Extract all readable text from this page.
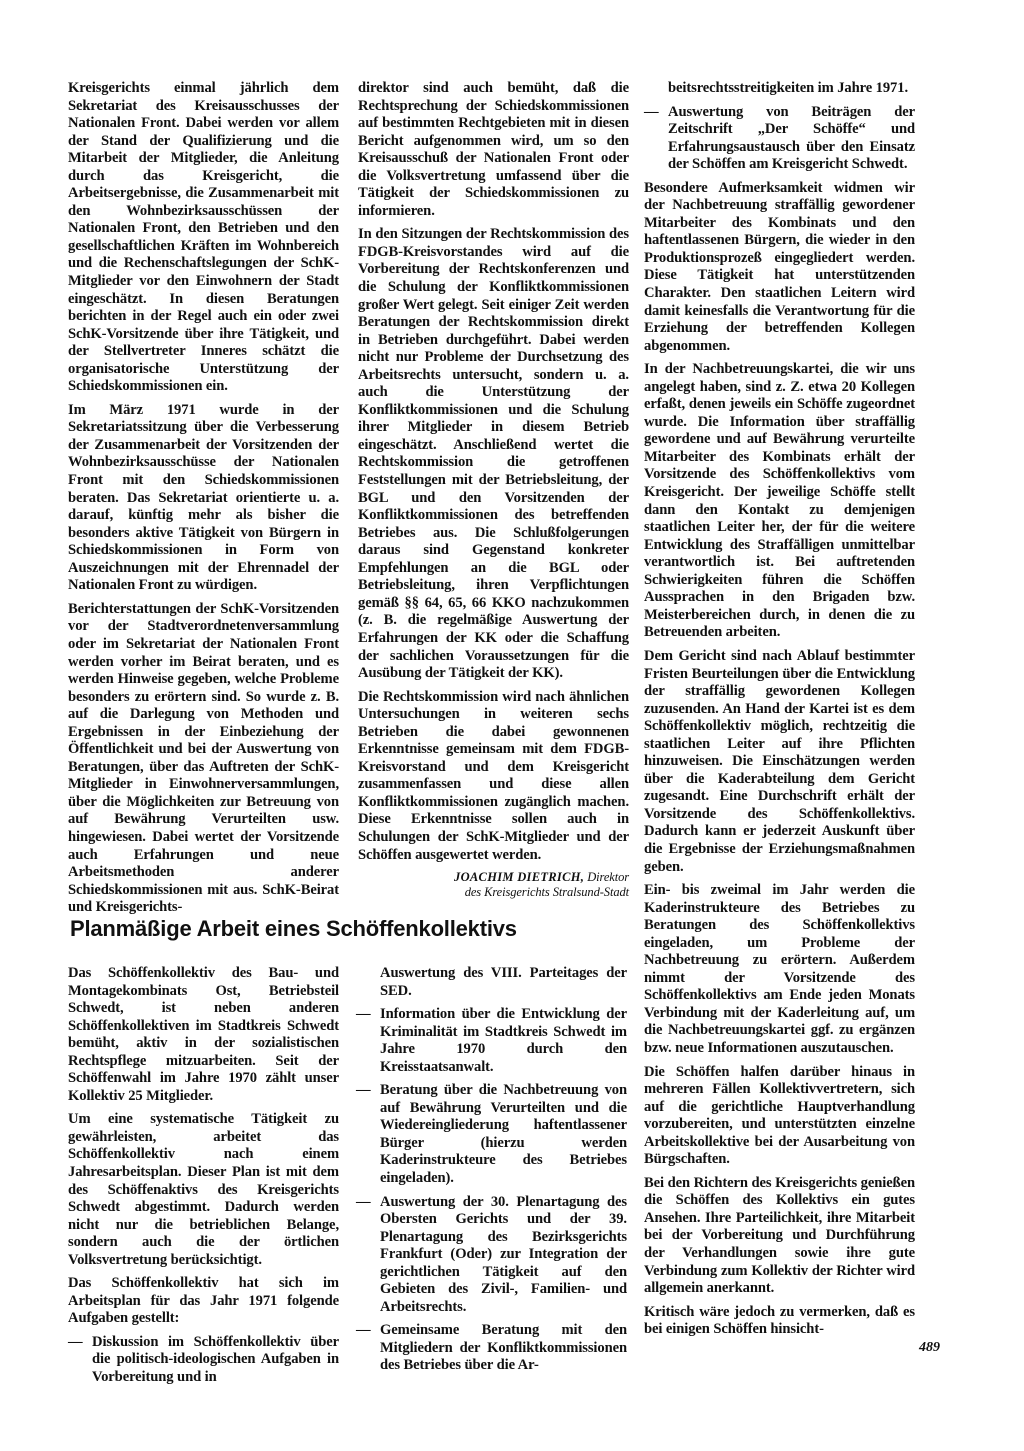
Kreisgerichts einmal jährlich dem Sekretariat des Kreisausschusses der Nationalen Front. Dabei werden vor allem der Stand der Qualifizierung und die Mitarbeit der Mitglieder, die Anleitung durch das Kreisgericht, die Arbeitsergebnisse, die Zusammenarbeit mit den Wohnbezirksausschüssen der Nationalen Front, den Betrieben und den gesellschaftlichen Kräften im Wohnbereich und die Rechenschaftslegungen der SchK-Mitglieder vor den Einwohnern der Stadt eingeschätzt. In diesen Beratungen berichten in der Regel auch ein oder zwei SchK-Vorsitzende über ihre Tätigkeit, und der Stellvertreter Inneres schätzt die organisatorische Unterstützung der Schiedskommissionen ein.

Im März 1971 wurde in der Sekretariatssitzung über die Verbesserung der Zusammenarbeit der Vorsitzenden der Wohnbezirksausschüsse der Nationalen Front mit den Schiedskommissionen beraten. Das Sekretariat orientierte u. a. darauf, künftig mehr als bisher die besonders aktive Tätigkeit von Bürgern in Schiedskommissionen in Form von Auszeichnungen mit der Ehrennadel der Nationalen Front zu würdigen.

Berichterstattungen der SchK-Vorsitzenden vor der Stadtverordnetenversammlung oder im Sekretariat der Nationalen Front werden vorher im Beirat beraten, und es werden Hinweise gegeben, welche Probleme besonders zu erörtern sind. So wurde z. B. auf die Darlegung von Methoden und Ergebnissen in der Einbeziehung der Öffentlichkeit und bei der Auswertung von Beratungen, über das Auftreten der SchK-Mitglieder in Einwohnerversammlungen, über die Möglichkeiten zur Betreuung von auf Bewährung Verurteilten usw. hingewiesen. Dabei wertet der Vorsitzende auch Erfahrungen und neue Arbeitsmethoden anderer Schiedskommissionen mit aus. SchK-Beirat und Kreisgerichts-

direktor sind auch bemüht, daß die Rechtsprechung der Schiedskommissionen auf bestimmten Rechtgebieten mit in diesen Bericht aufgenommen wird, um so den Kreisausschuß der Nationalen Front oder die Volksvertretung umfassend über die Tätigkeit der Schiedskommissionen zu informieren.

In den Sitzungen der Rechtskommission des FDGB-Kreisvorstandes wird auf die Vorbereitung der Rechtskonferenzen und die Schulung der Konfliktkommissionen großer Wert gelegt. Seit einiger Zeit werden Beratungen der Rechtskommission direkt in Betrieben durchgeführt. Dabei werden nicht nur Probleme der Durchsetzung des Arbeitsrechts untersucht, sondern u. a. auch die Unterstützung der Konfliktkommissionen und die Schulung ihrer Mitglieder in diesem Betrieb eingeschätzt. Anschließend wertet die Rechtskommission die getroffenen Feststellungen mit der Betriebsleitung, der BGL und den Vorsitzenden der Konfliktkommissionen des betreffenden Betriebes aus. Die Schlußfolgerungen daraus sind Gegenstand konkreter Empfehlungen an die BGL oder Betriebsleitung, ihren Verpflichtungen gemäß §§ 64, 65, 66 KKO nachzukommen (z. B. die regelmäßige Auswertung der Erfahrungen der KK oder die Schaffung der sachlichen Voraussetzungen für die Ausübung der Tätigkeit der KK).

Die Rechtskommission wird nach ähnlichen Untersuchungen in weiteren sechs Betrieben die dabei gewonnenen Erkenntnisse gemeinsam mit dem FDGB-Kreisvorstand und dem Kreisgericht zusammenfassen und diese allen Konfliktkommissionen zugänglich machen. Diese Erkenntnisse sollen auch in Schulungen der SchK-Mitglieder und der Schöffen ausgewertet werden.

JOACHIM DIETRICH, Direktor
des Kreisgerichts Stralsund-Stadt
Planmäßige Arbeit eines Schöffenkollektivs

Das Schöffenkollektiv des Bau- und Montagekombinats Ost, Betriebsteil Schwedt, ist neben anderen Schöffenkollektiven im Stadtkreis Schwedt bemüht, aktiv in der sozialistischen Rechtspflege mitzuarbeiten. Seit der Schöffenwahl im Jahre 1970 zählt unser Kollektiv 25 Mitglieder.

Um eine systematische Tätigkeit zu gewährleisten, arbeitet das Schöffenkollektiv nach einem Jahresarbeitsplan. Dieser Plan ist mit dem des Schöffenaktivs des Kreisgerichts Schwedt abgestimmt. Dadurch werden nicht nur die betrieblichen Belange, sondern auch die der örtlichen Volksvertretung berücksichtigt.

Das Schöffenkollektiv hat sich im Arbeitsplan für das Jahr 1971 folgende Aufgaben gestellt:

— Diskussion im Schöffenkollektiv über die politisch-ideologischen Aufgaben in Vorbereitung und in

Auswertung des VIII. Parteitages der SED.

— Information über die Entwicklung der Kriminalität im Stadtkreis Schwedt im Jahre 1970 durch den Kreisstaatsanwalt.
— Beratung über die Nachbetreuung von auf Bewährung Verurteilten und die Wiedereingliederung haftentlassener Bürger (hierzu werden Kaderinstrukteure des Betriebes eingeladen).
— Auswertung der 30. Plenartagung des Obersten Gerichts und der 39. Plenartagung des Bezirksgerichts Frankfurt (Oder) zur Integration der gerichtlichen Tätigkeit auf den Gebieten des Zivil-, Familien- und Arbeitsrechts.
— Gemeinsame Beratung mit den Mitgliedern der Konfliktkommissionen des Betriebes über die Ar-

beitsrechtsstreitigkeiten im Jahre 1971.

— Auswertung von Beiträgen der Zeitschrift „Der Schöffe“ und Erfahrungsaustausch über den Einsatz der Schöffen am Kreisgericht Schwedt.

Besondere Aufmerksamkeit widmen wir der Nachbetreuung straffällig gewordener Mitarbeiter des Kombinats und den haftentlassenen Bürgern, die wieder in den Produktionsprozeß eingegliedert werden. Diese Tätigkeit hat unterstützenden Charakter. Den staatlichen Leitern wird damit keinesfalls die Verantwortung für die Erziehung der betreffenden Kollegen abgenommen.

In der Nachbetreuungskartei, die wir uns angelegt haben, sind z. Z. etwa 20 Kollegen erfaßt, denen jeweils ein Schöffe zugeordnet wurde. Die Information über straffällig gewordene und auf Bewährung verurteilte Mitarbeiter des Kombinats erhält der Vorsitzende des Schöffenkollektivs vom Kreisgericht. Der jeweilige Schöffe stellt dann den Kontakt zu demjenigen staatlichen Leiter her, der für die weitere Entwicklung des Straffälligen unmittelbar verantwortlich ist. Bei auftretenden Schwierigkeiten führen die Schöffen Aussprachen in den Brigaden bzw. Meisterbereichen durch, in denen die zu Betreuenden arbeiten.

Dem Gericht sind nach Ablauf bestimmter Fristen Beurteilungen über die Entwicklung der straffällig gewordenen Kollegen zuzusenden. An Hand der Kartei ist es dem Schöffenkollektiv möglich, rechtzeitig die staatlichen Leiter auf ihre Pflichten hinzuweisen. Die Einschätzungen werden über die Kaderabteilung dem Gericht zugesandt. Eine Durchschrift erhält der Vorsitzende des Schöffenkollektivs. Dadurch kann er jederzeit Auskunft über die Ergebnisse der Erziehungsmaßnahmen geben.

Ein- bis zweimal im Jahr werden die Kaderinstrukteure des Betriebes zu Beratungen des Schöffenkollektivs eingeladen, um Probleme der Nachbetreuung zu erörtern. Außerdem nimmt der Vorsitzende des Schöffenkollektivs am Ende jeden Monats Verbindung mit der Kaderleitung auf, um die Nachbetreuungskartei ggf. zu ergänzen bzw. neue Informationen auszutauschen.

Die Schöffen halfen darüber hinaus in mehreren Fällen Kollektivvertretern, sich auf die gerichtliche Hauptverhandlung vorzubereiten, und unterstützten einzelne Arbeitskollektive bei der Ausarbeitung von Bürgschaften.

Bei den Richtern des Kreisgerichts genießen die Schöffen des Kollektivs ein gutes Ansehen. Ihre Parteilichkeit, ihre Mitarbeit bei der Vorbereitung und Durchführung der Verhandlungen sowie ihre gute Verbindung zum Kollektiv der Richter wird allgemein anerkannt.

Kritisch wäre jedoch zu vermerken, daß es bei einigen Schöffen hinsicht-

489
